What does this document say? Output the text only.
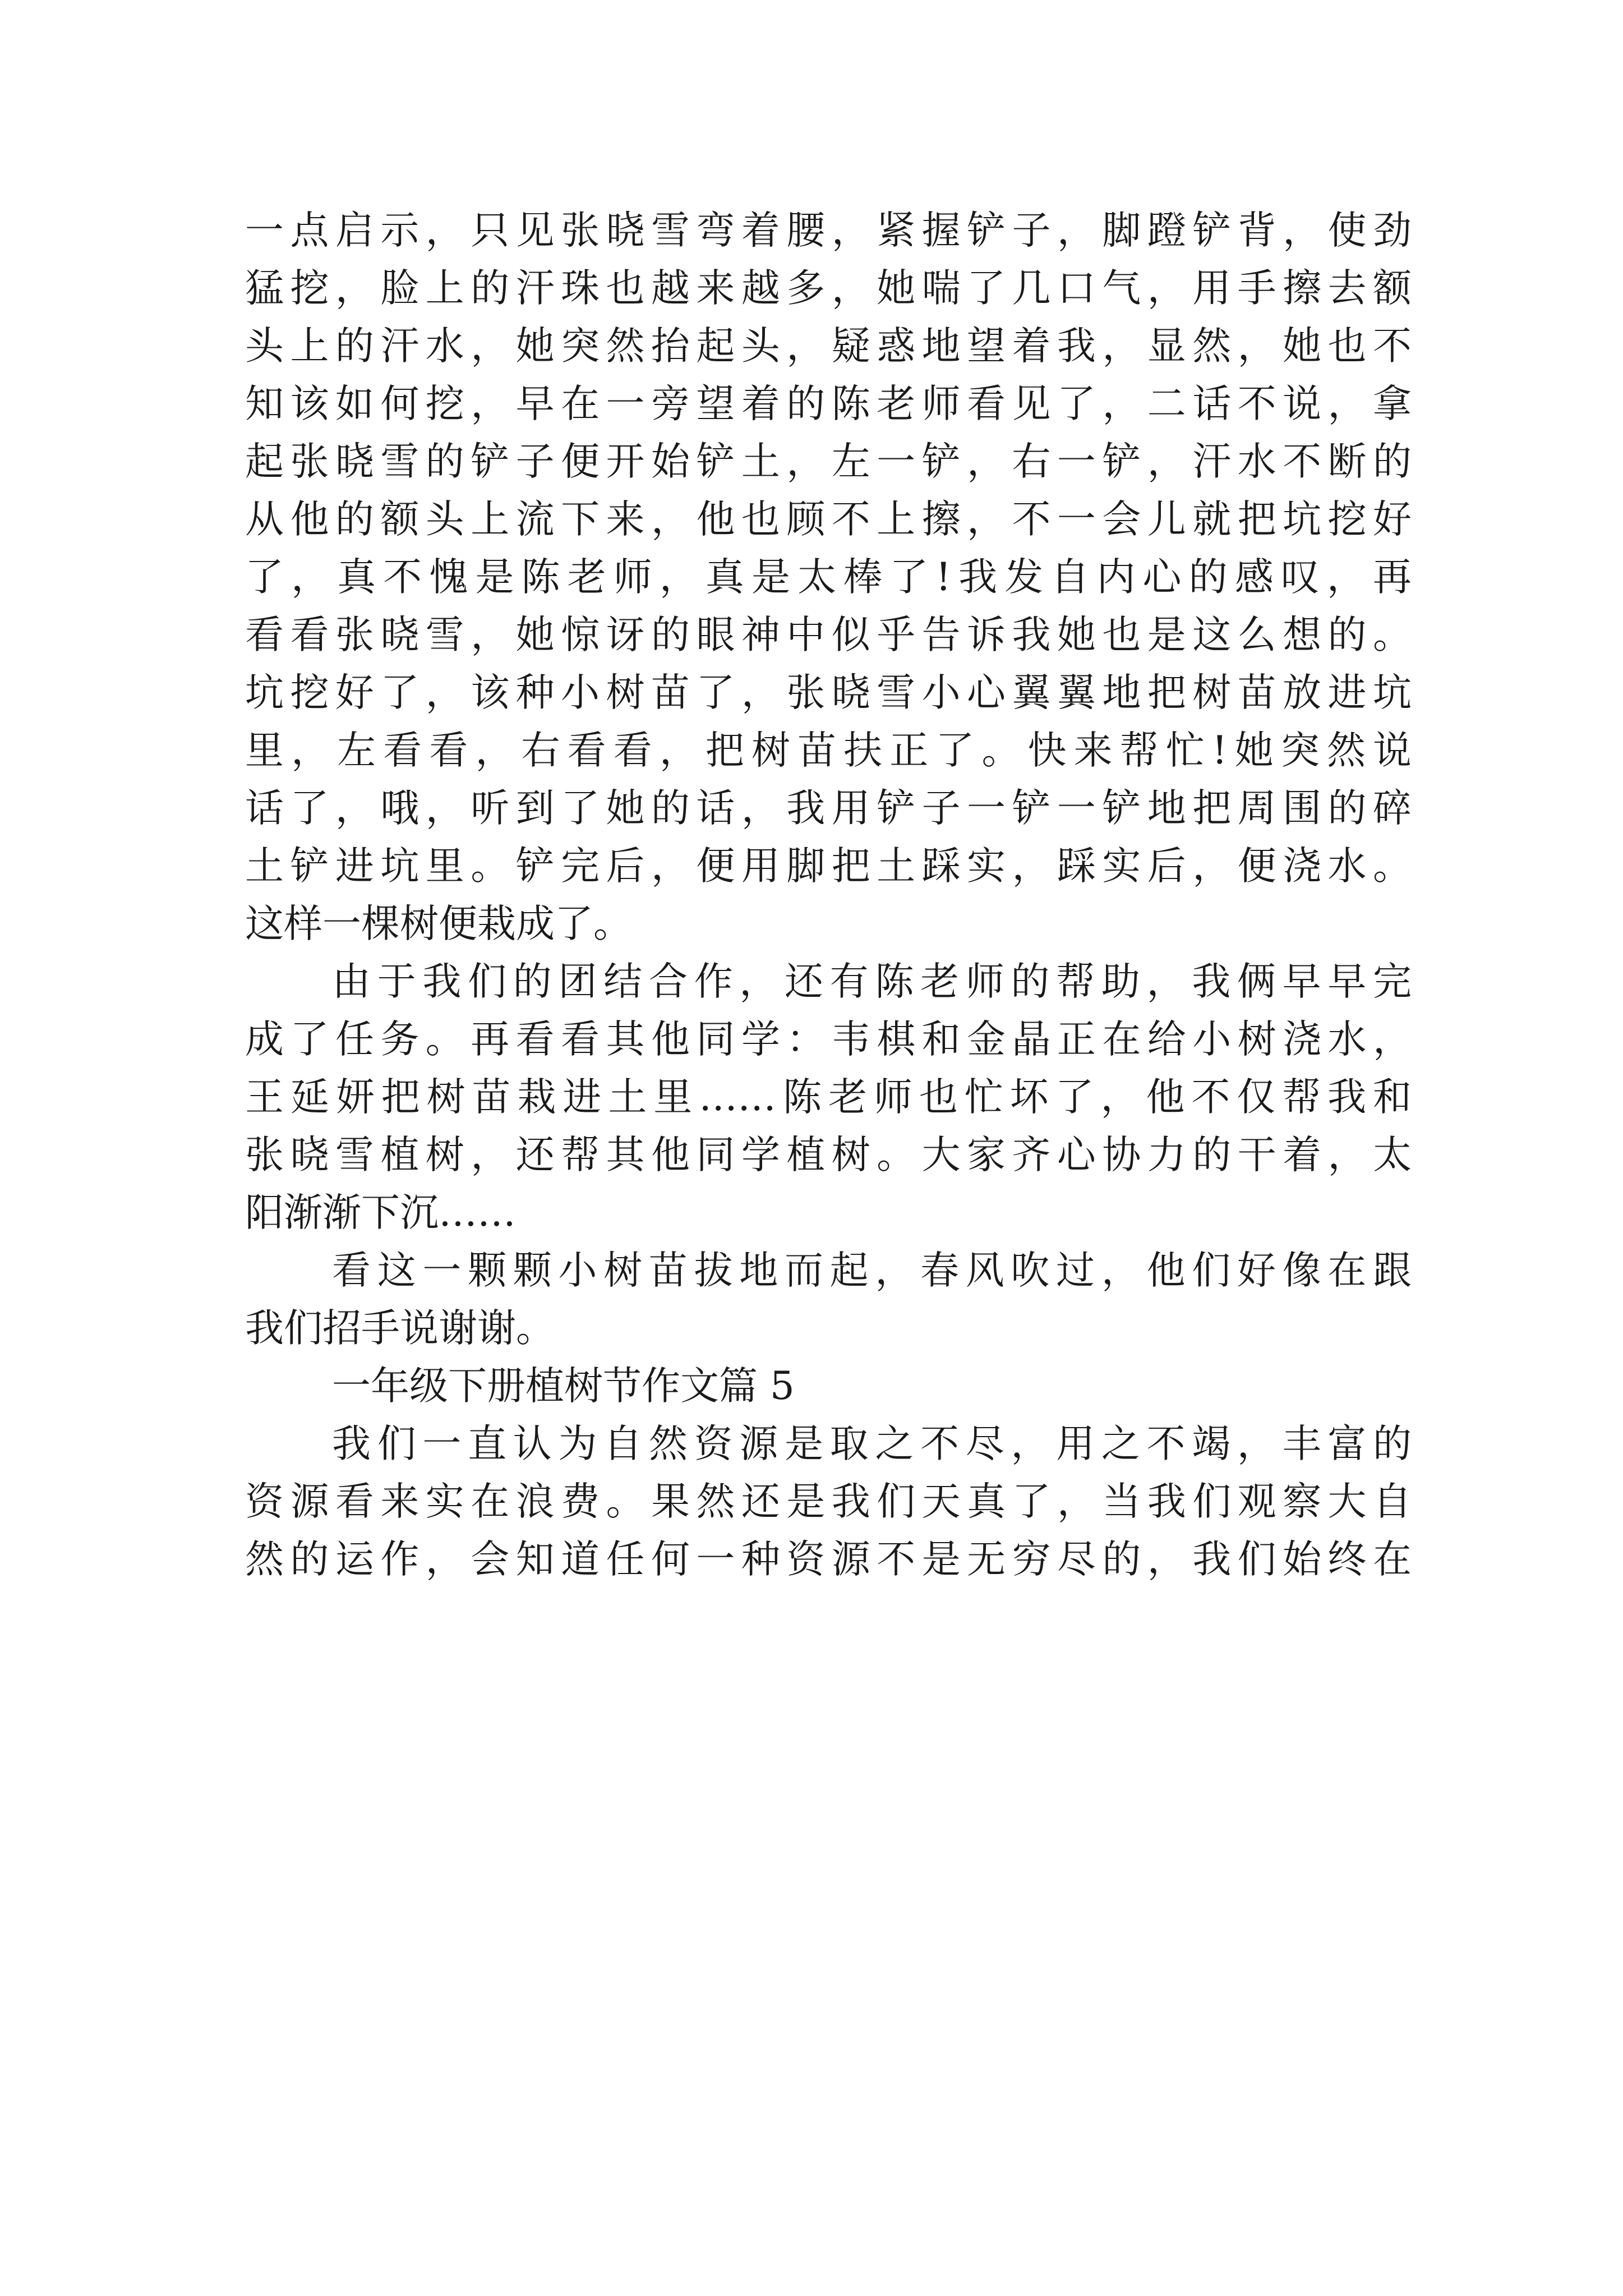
一点启示，只见张晓雪弯着腰，紧握铲子，脚蹬铲背，使劲
猛挖，脸上的汗珠也越来越多，她喘了几口气，用手擦去额
头上的汗水，她突然抬起头，疑惑地望着我，显然，她也不
知该如何挖，早在一旁望着的陈老师看见了，二话不说，拿
起张晓雪的铲子便开始铲土，左一铲，右一铲，汗水不断的
从他的额头上流下来，他也顾不上擦，不一会儿就把坑挖好
了，真不愧是陈老师，真是太棒了!我发自内心的感叹，再
看看张晓雪，她惊讶的眼神中似乎告诉我她也是这么想的。
坑挖好了，该种小树苗了，张晓雪小心翼翼地把树苗放进坑
里，左看看，右看看，把树苗扶正了。快来帮忙!她突然说
话了，哦，听到了她的话，我用铲子一铲一铲地把周围的碎
土铲进坑里。铲完后，便用脚把土踩实，踩实后，便浇水。
这样一棵树便栽成了。
由于我们的团结合作，还有陈老师的帮助，我俩早早完
成了任务。再看看其他同学：韦棋和金晶正在给小树浇水，
王延妍把树苗栽进土里……陈老师也忙坏了，他不仅帮我和
张晓雪植树，还帮其他同学植树。大家齐心协力的干着，太
阳渐渐下沉……
看这一颗颗小树苗拔地而起，春风吹过，他们好像在跟
我们招手说谢谢。
一年级下册植树节作文篇 5
我们一直认为自然资源是取之不尽，用之不竭，丰富的
资源看来实在浪费。果然还是我们天真了，当我们观察大自
然的运作，会知道任何一种资源不是无穷尽的，我们始终在
